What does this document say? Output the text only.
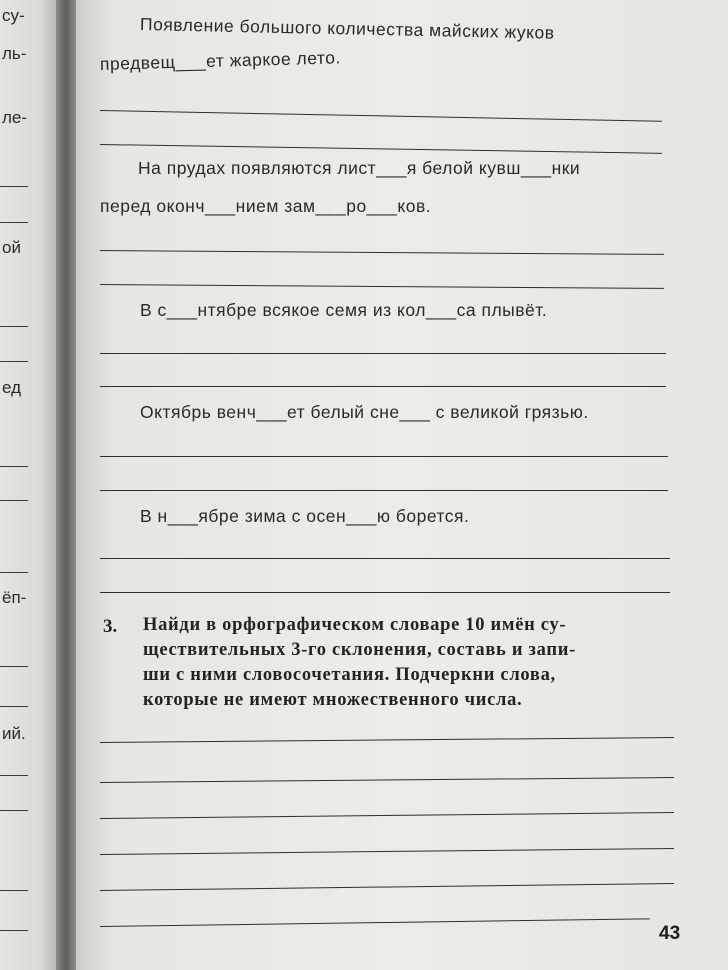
су-
ль-
ле-
ой
ед
ёп-
ий.
Появление большого количества майских жуков
предвещ___ет жаркое лето.
На прудах появляются лист___я белой кувш___нки
перед оконч___нием зам___ро___ков.
В с___нтябре всякое семя из кол___са плывёт.
Октябрь венч___ет белый сне___ с великой грязью.
В н___ябре зима с осен___ю борется.
3. Найди в орфографическом словаре 10 имён су-
ществительных 3-го склонения, составь и запи-
ши с ними словосочетания. Подчеркни слова,
которые не имеют множественного числа.
43
